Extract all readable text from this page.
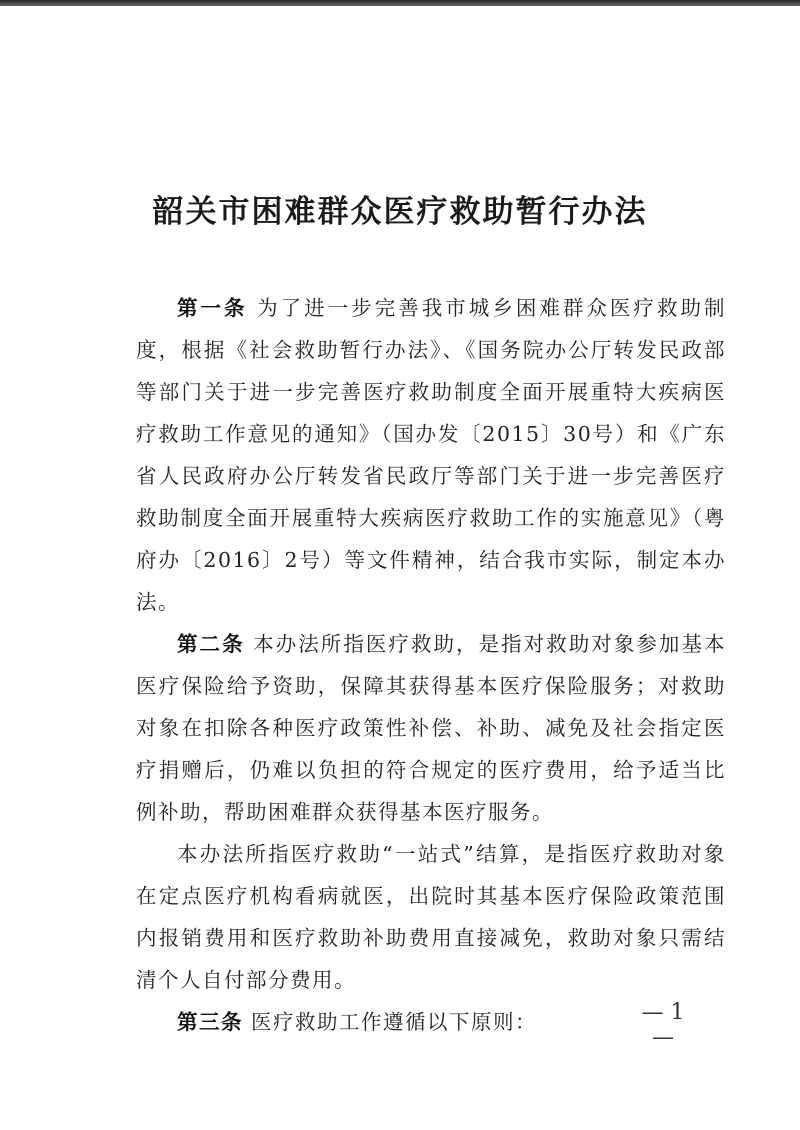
韶关市困难群众医疗救助暂行办法

第一条 为了进一步完善我市城乡困难群众医疗救助制度，根据《社会救助暂行办法》、《国务院办公厅转发民政部等部门关于进一步完善医疗救助制度全面开展重特大疾病医疗救助工作意见的通知》（国办发〔2015〕30号）和《广东省人民政府办公厅转发省民政厅等部门关于进一步完善医疗救助制度全面开展重特大疾病医疗救助工作的实施意见》（粤府办〔2016〕2号）等文件精神，结合我市实际，制定本办法。

第二条 本办法所指医疗救助，是指对救助对象参加基本医疗保险给予资助，保障其获得基本医疗保险服务；对救助对象在扣除各种医疗政策性补偿、补助、减免及社会指定医疗捐赠后，仍难以负担的符合规定的医疗费用，给予适当比例补助，帮助困难群众获得基本医疗服务。

本办法所指医疗救助“一站式”结算，是指医疗救助对象在定点医疗机构看病就医，出院时其基本医疗保险政策范围内报销费用和医疗救助补助费用直接减免，救助对象只需结清个人自付部分费用。

第三条 医疗救助工作遵循以下原则：	— 1 —
